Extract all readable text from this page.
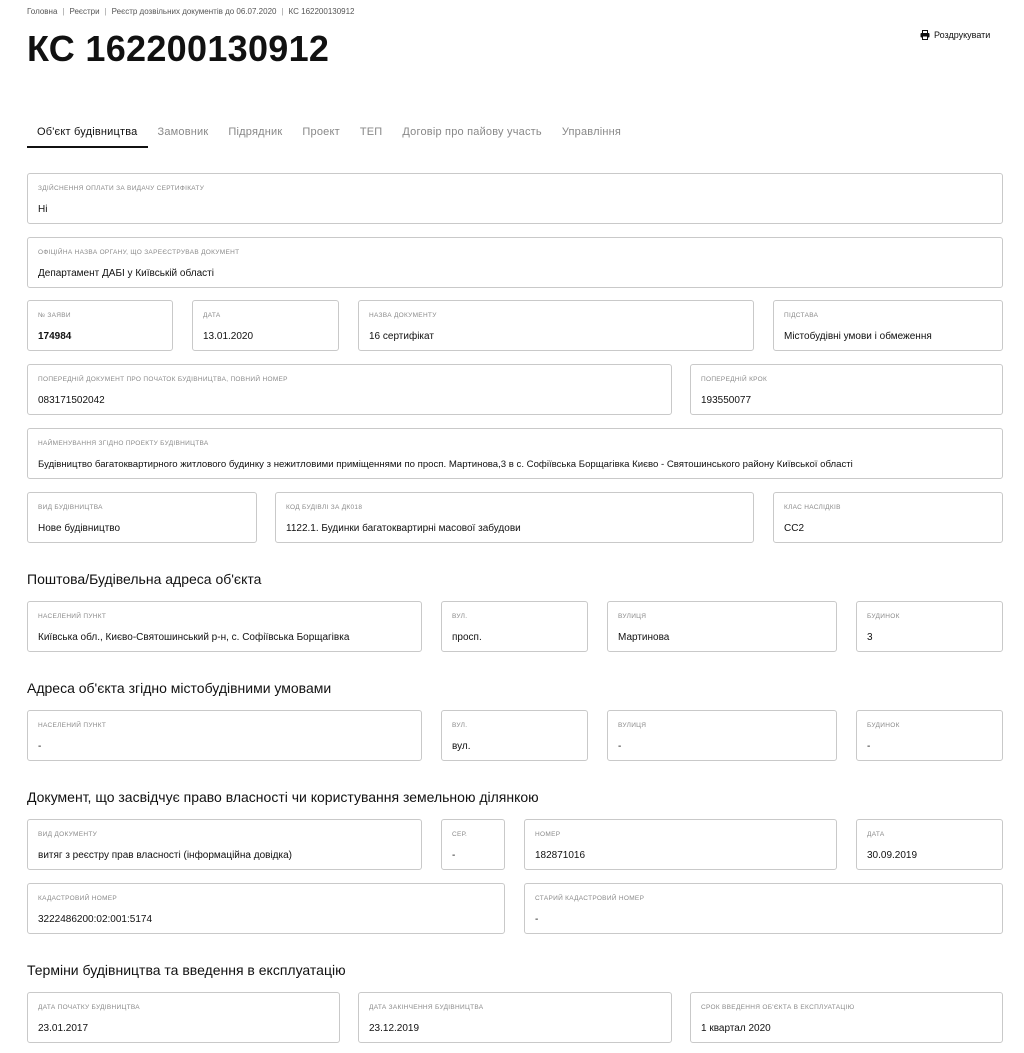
Головна | Реєстри | Реєстр дозвільних документів до 06.07.2020 | КС 162200130912
КС 162200130912	Роздрукувати
Об'єкт будівництва	Замовник	Підрядник	Проект	ТЕП	Договір про пайову участь	Управління
ЗДІЙСНЕННЯ ОПЛАТИ ЗА ВИДАЧУ СЕРТИФІКАТУ
Ні
ОФІЦІЙНА НАЗВА ОРГАНУ, ЩО ЗАРЕЄСТРУВАВ ДОКУМЕНТ
Департамент ДАБІ у Київській області
№ ЗАЯВИ
174984
ДАТА
13.01.2020
НАЗВА ДОКУМЕНТУ
16 сертифікат
ПІДСТАВА
Містобудівні умови і обмеження
ПОПЕРЕДНІЙ ДОКУМЕНТ ПРО ПОЧАТОК БУДІВНИЦТВА, ПОВНИЙ НОМЕР
083171502042
ПОПЕРЕДНІЙ КРОК
193550077
НАЙМЕНУВАННЯ ЗГІДНО ПРОЕКТУ БУДІВНИЦТВА
Будівництво багатоквартирного житлового будинку з нежитловими приміщеннями по просп. Мартинова,3 в с. Софіївська Борщагівка Києво - Святошинського району Київської області
ВИД БУДІВНИЦТВА
Нове будівництво
КОД БУДІВЛІ ЗА ДК018
1122.1. Будинки багатоквартирні масової забудови
КЛАС НАСЛІДКІВ
СС2
Поштова/Будівельна адреса об'єкта
НАСЕЛЕНИЙ ПУНКТ
Київська обл., Києво-Святошинський р-н, с. Софіївська Борщагівка
ВУЛ.
просп.
ВУЛИЦЯ
Мартинова
БУДИНОК
3
Адреса об'єкта згідно містобудівними умовами
НАСЕЛЕНИЙ ПУНКТ
-
ВУЛ.
вул.
ВУЛИЦЯ
-
БУДИНОК
-
Документ, що засвідчує право власності чи користування земельною ділянкою
ВИД ДОКУМЕНТУ
витяг з реєстру прав власності (інформаційна довідка)
СЕР.
-
НОМЕР
182871016
ДАТА
30.09.2019
КАДАСТРОВИЙ НОМЕР
3222486200:02:001:5174
СТАРИЙ КАДАСТРОВИЙ НОМЕР
-
Терміни будівництва та введення в експлуатацію
ДАТА ПОЧАТКУ БУДІВНИЦТВА
23.01.2017
ДАТА ЗАКІНЧЕННЯ БУДІВНИЦТВА
23.12.2019
СРОК ВВЕДЕННЯ ОБ'ЄКТА В ЕКСПЛУАТАЦІЮ
1 квартал 2020
